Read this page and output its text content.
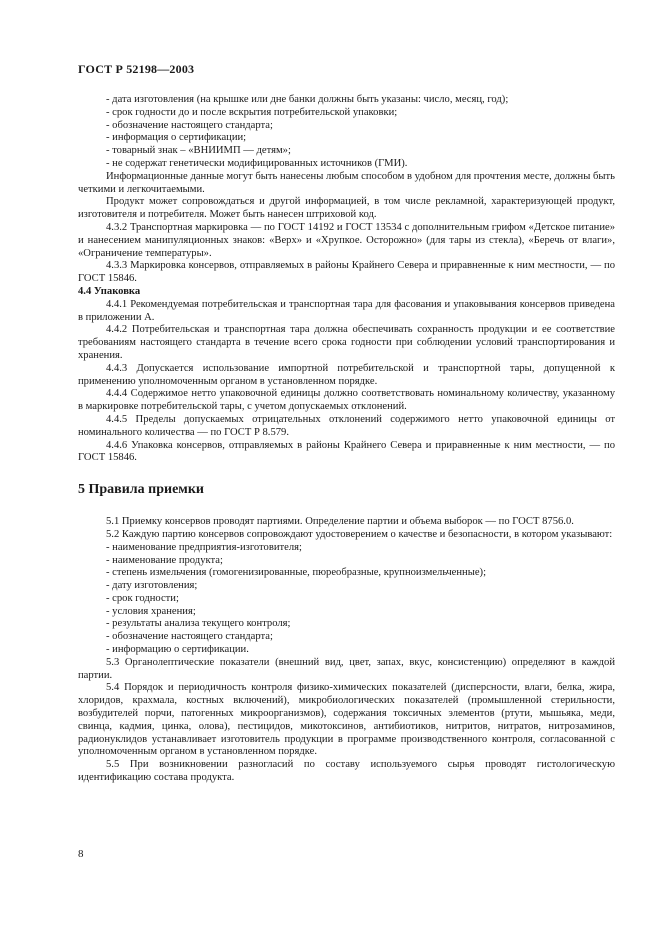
ГОСТ Р 52198—2003

- дата изготовления (на крышке или дне банки должны быть указаны: число, месяц, год);

- срок годности до и после вскрытия потребительской упаковки;

- обозначение настоящего стандарта;

- информация о сертификации;

- товарный знак – «ВНИИМП — детям»;

- не содержат генетически модифицированных источников (ГМИ).

Информационные данные могут быть нанесены любым способом в удобном для прочтения месте, должны быть четкими и легкочитаемыми.

Продукт может сопровождаться и другой информацией, в том числе рекламной, характеризующей продукт, изготовителя и потребителя. Может быть нанесен штриховой код.

4.3.2 Транспортная маркировка — по ГОСТ 14192 и ГОСТ 13534 с дополнительным грифом «Детское питание» и нанесением манипуляционных знаков: «Верх» и «Хрупкое. Осторожно» (для тары из стекла), «Беречь от влаги», «Ограничение температуры».

4.3.3 Маркировка консервов, отправляемых в районы Крайнего Севера и приравненные к ним местности, — по ГОСТ 15846.

4.4 Упаковка

4.4.1 Рекомендуемая потребительская и транспортная тара для фасования и упаковывания консервов приведена в приложении А.

4.4.2 Потребительская и транспортная тара должна обеспечивать сохранность продукции и ее соответствие требованиям настоящего стандарта в течение всего срока годности при соблюдении условий транспортирования и хранения.

4.4.3 Допускается использование импортной потребительской и транспортной тары, допущенной к применению уполномоченным органом в установленном порядке.

4.4.4 Содержимое нетто упаковочной единицы должно соответствовать номинальному количеству, указанному в маркировке потребительской тары, с учетом допускаемых отклонений.

4.4.5 Пределы допускаемых отрицательных отклонений содержимого нетто упаковочной единицы от номинального количества — по ГОСТ Р 8.579.

4.4.6 Упаковка консервов, отправляемых в районы Крайнего Севера и приравненные к ним местности, — по ГОСТ 15846.

5 Правила приемки

5.1 Приемку консервов проводят партиями. Определение партии и объема выборок — по ГОСТ 8756.0.

5.2 Каждую партию консервов сопровождают удостоверением о качестве и безопасности, в котором указывают:

- наименование предприятия-изготовителя;

- наименование продукта;

- степень измельчения (гомогенизированные, пюреобразные, крупноизмельченные);

- дату изготовления;

- срок годности;

- условия хранения;

- результаты анализа текущего контроля;

- обозначение настоящего стандарта;

- информацию о сертификации.

5.3 Органолептические показатели (внешний вид, цвет, запах, вкус, консистенцию) определяют в каждой партии.

5.4 Порядок и периодичность контроля физико-химических показателей (дисперсности, влаги, белка, жира, хлоридов, крахмала, костных включений), микробиологических показателей (промышленной стерильности, возбудителей порчи, патогенных микроорганизмов), содержания токсичных элементов (ртути, мышьяка, меди, свинца, кадмия, цинка, олова), пестицидов, микотоксинов, антибиотиков, нитритов, нитратов, нитрозаминов, радионуклидов устанавливает изготовитель продукции в программе производственного контроля, согласованной с уполномоченным органом в установленном порядке.

5.5 При возникновении разногласий по составу используемого сырья проводят гистологическую идентификацию состава продукта.

8
